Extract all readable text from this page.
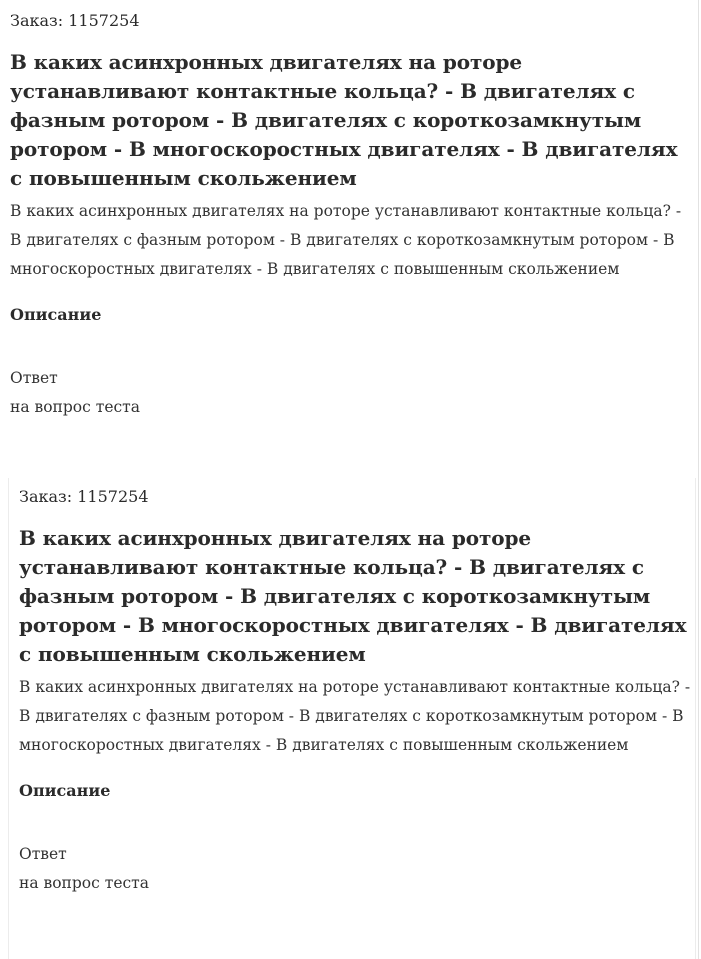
Заказ: 1157254

В каких асинхронных двигателях на роторе устанавливают контактные кольца? - В двигателях с фазным ротором - В двигателях с короткозамкнутым ротором - В многоскоростных двигателях - В двигателях с повышенным скольжением

В каких асинхронных двигателях на роторе устанавливают контактные кольца? - В двигателях с фазным ротором - В двигателях с короткозамкнутым ротором - В многоскоростных двигателях - В двигателях с повышенным скольжением

Описание
Ответ
на вопрос теста

Заказ: 1157254

В каких асинхронных двигателях на роторе устанавливают контактные кольца? - В двигателях с фазным ротором - В двигателях с короткозамкнутым ротором - В многоскоростных двигателях - В двигателях с повышенным скольжением

В каких асинхронных двигателях на роторе устанавливают контактные кольца? - В двигателях с фазным ротором - В двигателях с короткозамкнутым ротором - В многоскоростных двигателях - В двигателях с повышенным скольжением

Описание
Ответ
на вопрос теста
